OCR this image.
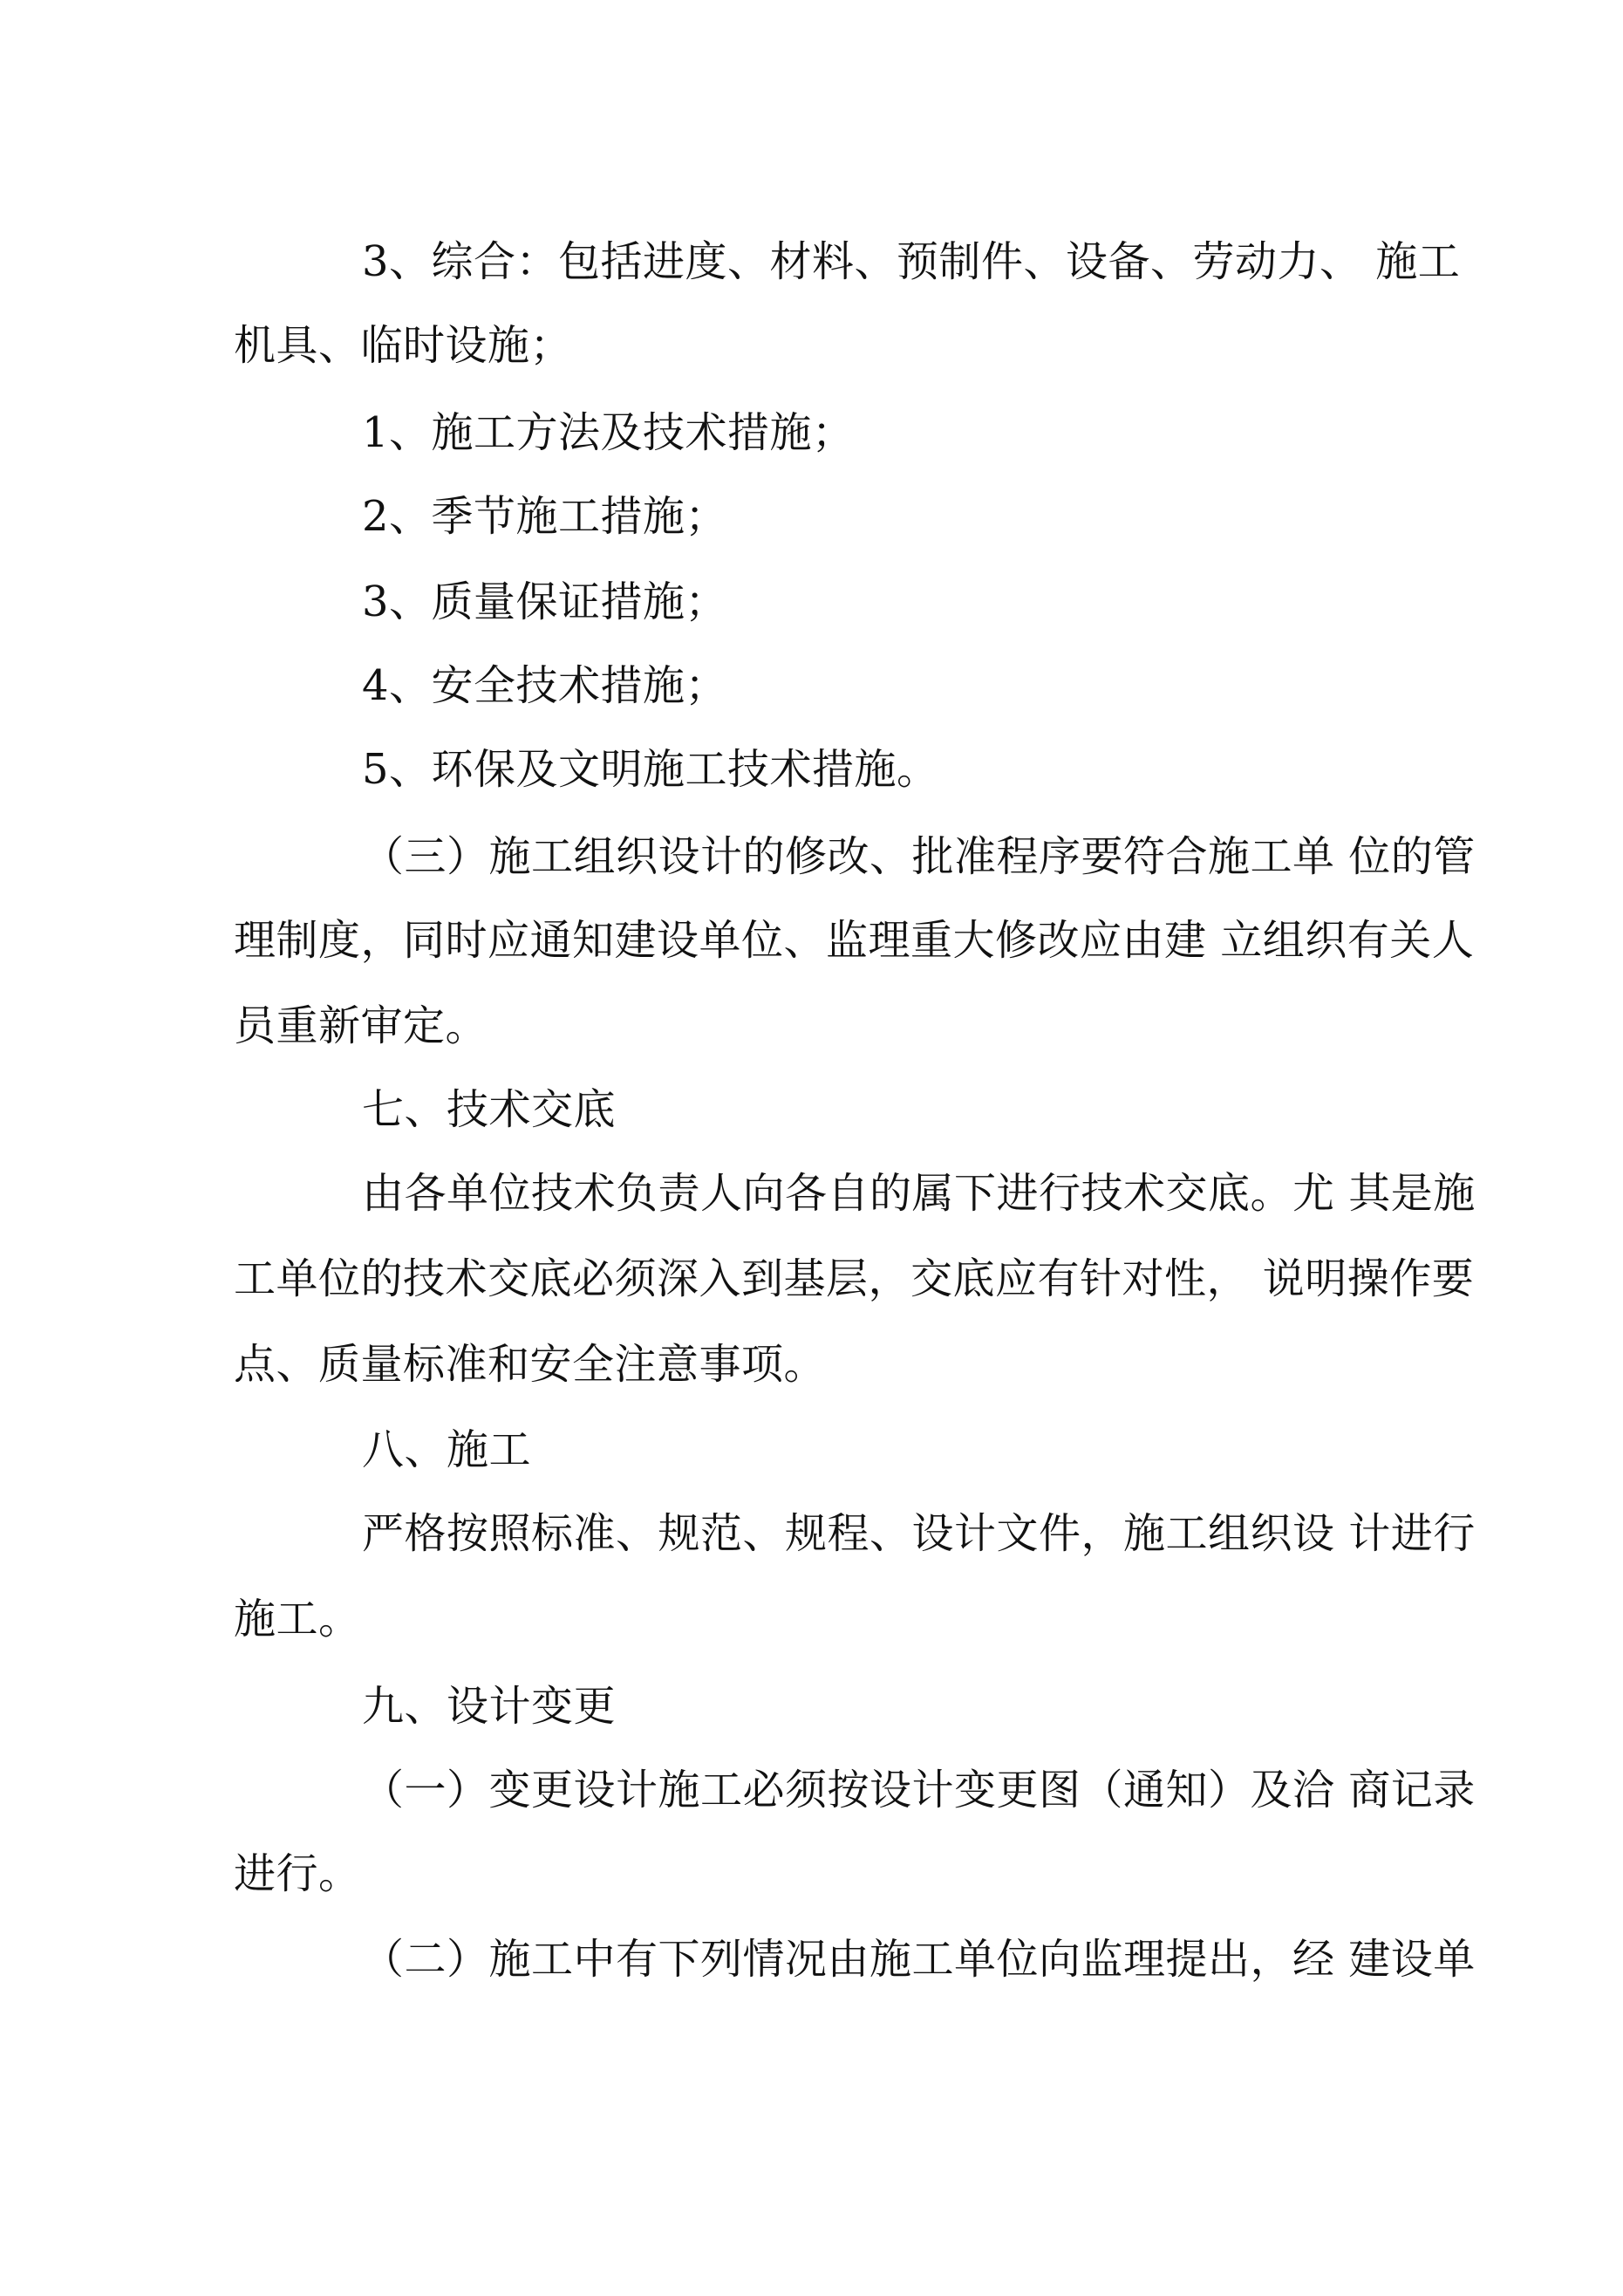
3、综合：包括进度、材料、预制件、设备、劳动力、 施工
机具、临时设施；
1、施工方法及技术措施；
2、季节施工措施；
3、质量保证措施；
4、安全技术措施；
5、环保及文明施工技术措施。
（三）施工组织设计的修改、批准程序要符合施工单 位的管
理制度，同时应通知建设单位、监理重大修改应由建 立组织有关人
员重新审定。
七、技术交底
由各单位技术负责人向各自的属下进行技术交底。尤 其是施
工单位的技术交底必须深入到基层，交底应有针对性， 说明操作要
点、质量标准和安全注意事项。
八、施工
严格按照标准、规范、规程、设计文件，施工组织设 计进行
施工。
九、设计变更
（一）变更设计施工必须按设计变更图（通知）及洽 商记录
进行。
（二）施工中有下列情况由施工单位向监理提出，经 建设单
